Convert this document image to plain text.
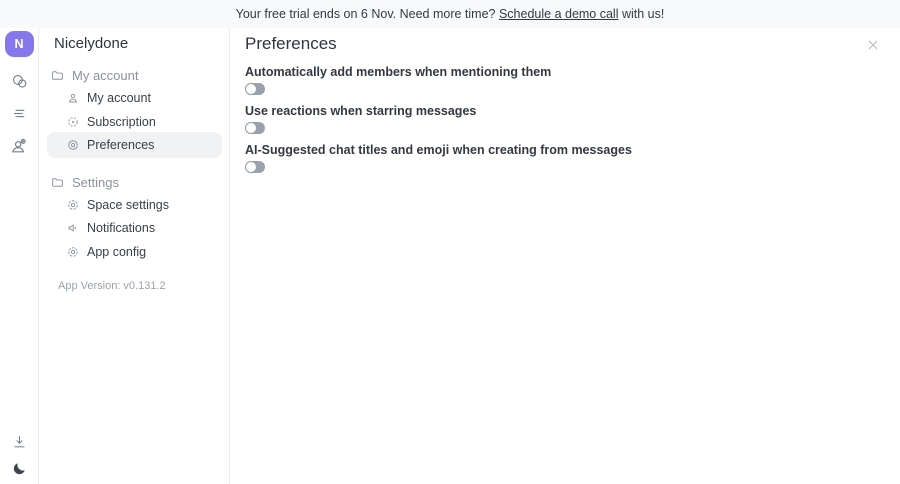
Your free trial ends on 6 Nov. Need more time? Schedule a demo call with us!
N	Nicelydone
My account
My account
Subscription
Preferences
Settings
Space settings
Notifications
App config
App Version: v0.131.2
Preferences
Automatically add members when mentioning them
Use reactions when starring messages
AI-Suggested chat titles and emoji when creating from messages
